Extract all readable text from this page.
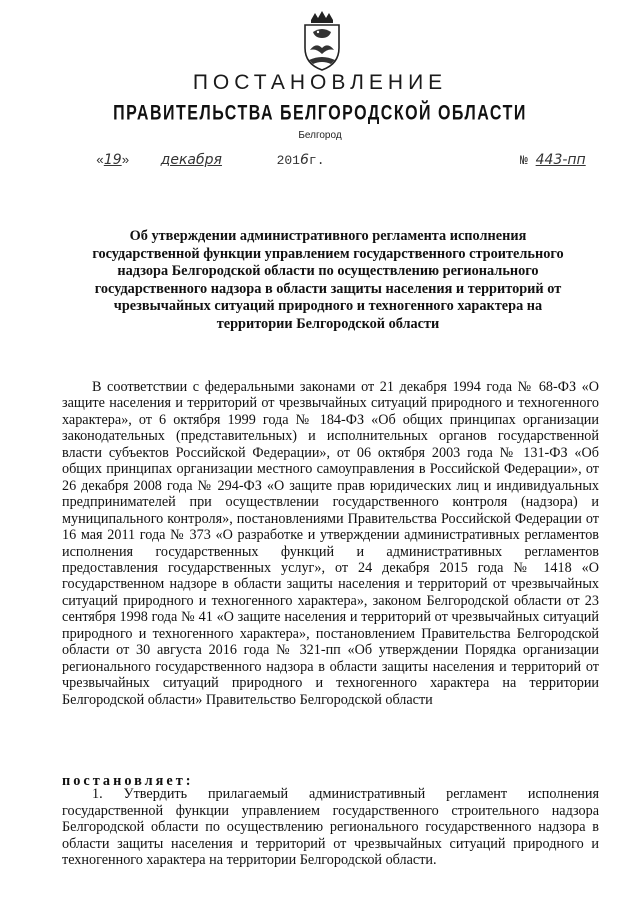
ПОСТАНОВЛЕНИЕ
ПРАВИТЕЛЬСТВА БЕЛГОРОДСКОЙ ОБЛАСТИ
Белгород
«19» декабря	2016г.	№ 443-пп
Об утверждении административного регламента исполнения государственной функции управлением государственного строительного надзора Белгородской области по осуществлению регионального государственного надзора в области защиты населения и территорий от чрезвычайных ситуаций природного и техногенного характера на территории Белгородской области

В соответствии с федеральными законами от 21 декабря 1994 года № 68-ФЗ «О защите населения и территорий от чрезвычайных ситуаций природного и техногенного характера», от 6 октября 1999 года № 184-ФЗ «Об общих принципах организации законодательных (представительных) и исполнительных органов государственной власти субъектов Российской Федерации», от 06 октября 2003 года № 131-ФЗ «Об общих принципах организации местного самоуправления в Российской Федерации», от 26 декабря 2008 года № 294-ФЗ «О защите прав юридических лиц и индивидуальных предпринимателей при осуществлении государственного контроля (надзора) и муниципального контроля», постановлениями Правительства Российской Федерации от 16 мая 2011 года № 373 «О разработке и утверждении административных регламентов исполнения государственных функций и административных регламентов предоставления государственных услуг», от 24 декабря 2015 года № 1418 «О государственном надзоре в области защиты населения и территорий от чрезвычайных ситуаций природного и техногенного характера», законом Белгородской области от 23 сентября 1998 года № 41 «О защите населения и территорий от чрезвычайных ситуаций природного и техногенного характера», постановлением Правительства Белгородской области от 30 августа 2016 года № 321-пп «Об утверждении Порядка организации регионального государственного надзора в области защиты населения и территорий от чрезвычайных ситуаций природного и техногенного характера на территории Белгородской области» Правительство Белгородской области

постановляет:

1. Утвердить прилагаемый административный регламент исполнения государственной функции управлением государственного строительного надзора Белгородской области по осуществлению регионального государственного надзора в области защиты населения и территорий от чрезвычайных ситуаций природного и техногенного характера на территории Белгородской области.
